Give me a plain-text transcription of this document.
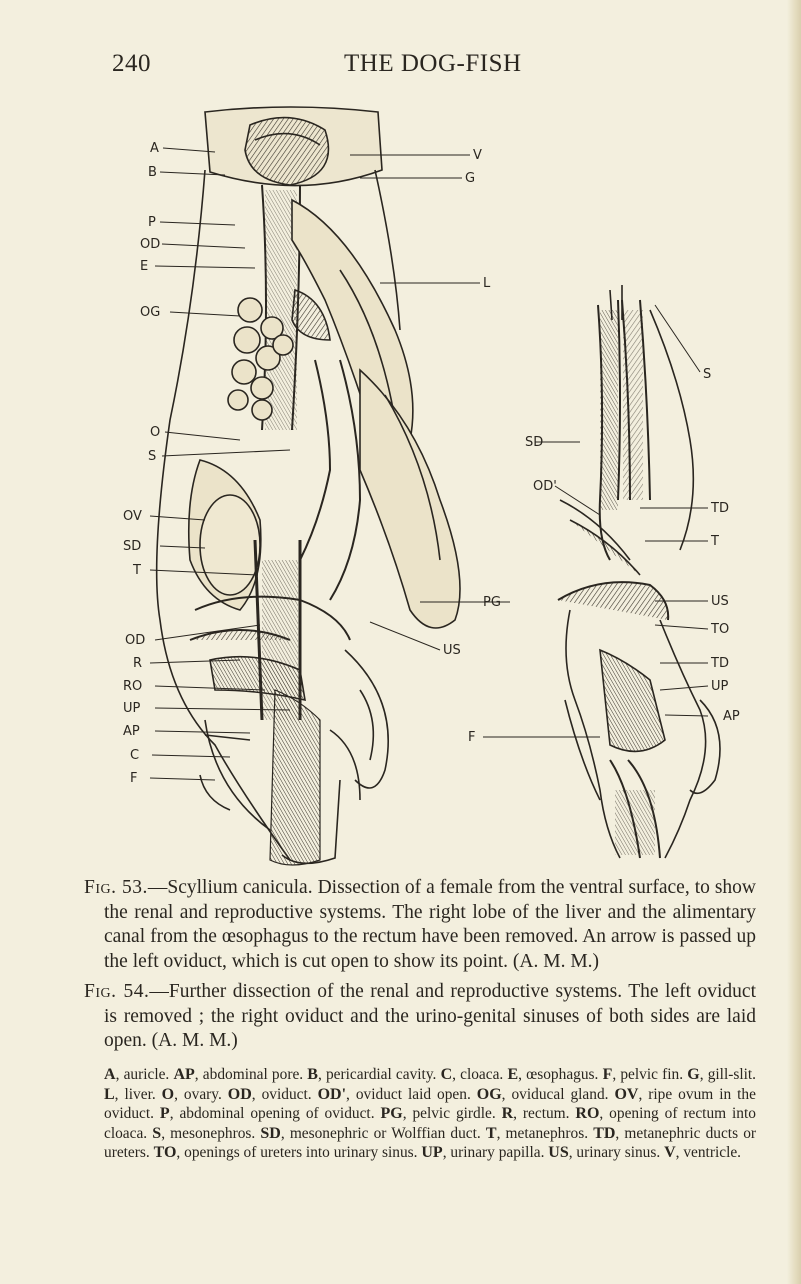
240	THE DOG-FISH
A
B
P
OD
E
OG
O
S
OV
SD
T
OD
R
RO
UP
AP
C
F
V
G
L
PG
US
SD
OD'
F
S
TD
T
US
TO
TD
UP
AP
Fig. 53.—Scyllium canicula. Dissection of a female from the ventral surface, to show the renal and reproductive systems. The right lobe of the liver and the alimentary canal from the œsophagus to the rectum have been removed. An arrow is passed up the left oviduct, which is cut open to show its point. (A. M. M.)
Fig. 54.—Further dissection of the renal and reproductive systems. The left oviduct is removed ; the right oviduct and the urino-genital sinuses of both sides are laid open. (A. M. M.)
A, auricle. AP, abdominal pore. B, pericardial cavity. C, cloaca. E, œsophagus. F, pelvic fin. G, gill-slit. L, liver. O, ovary. OD, oviduct. OD', oviduct laid open. OG, oviducal gland. OV, ripe ovum in the oviduct. P, abdominal opening of oviduct. PG, pelvic girdle. R, rectum. RO, opening of rectum into cloaca. S, mesonephros. SD, mesonephric or Wolffian duct. T, metanephros. TD, metanephric ducts or ureters. TO, openings of ureters into urinary sinus. UP, urinary papilla. US, urinary sinus. V, ventricle.
